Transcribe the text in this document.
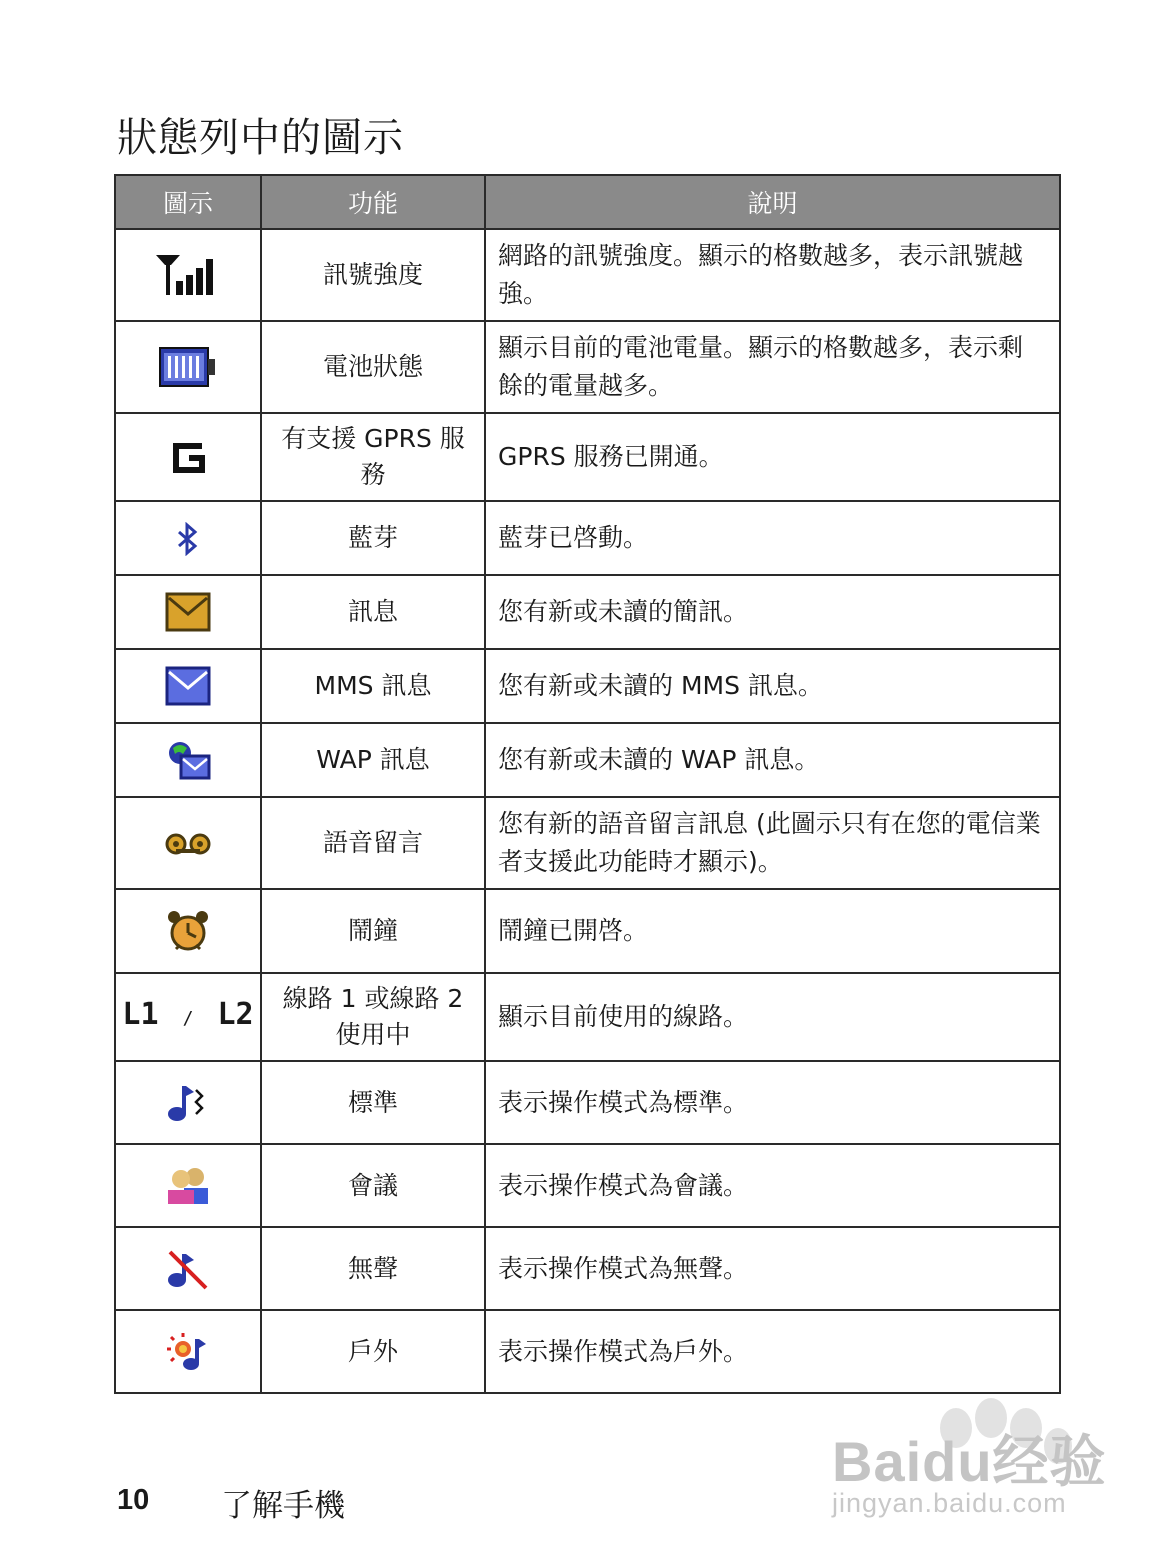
狀態列中的圖示
圖示	功能	說明
	訊號強度	網路的訊號強度。顯示的格數越多，表示訊號越強。
	電池狀態	顯示目前的電池電量。顯示的格數越多，表示剩餘的電量越多。
	有支援 GPRS 服務	GPRS 服務已開通。
	藍芽	藍芽已啓動。
	訊息	您有新或未讀的簡訊。
	MMS 訊息	您有新或未讀的 MMS 訊息。
	WAP 訊息	您有新或未讀的 WAP 訊息。
	語音留言	您有新的語音留言訊息 (此圖示只有在您的電信業者支援此功能時才顯示)。
	鬧鐘	鬧鐘已開啓。
L1 / L2	線路 1 或線路 2 使用中	顯示目前使用的線路。
	標準	表示操作模式為標準。
	會議	表示操作模式為會議。
	無聲	表示操作模式為無聲。
	戶外	表示操作模式為戶外。
10 了解手機
Baidu经验
jingyan.baidu.com
